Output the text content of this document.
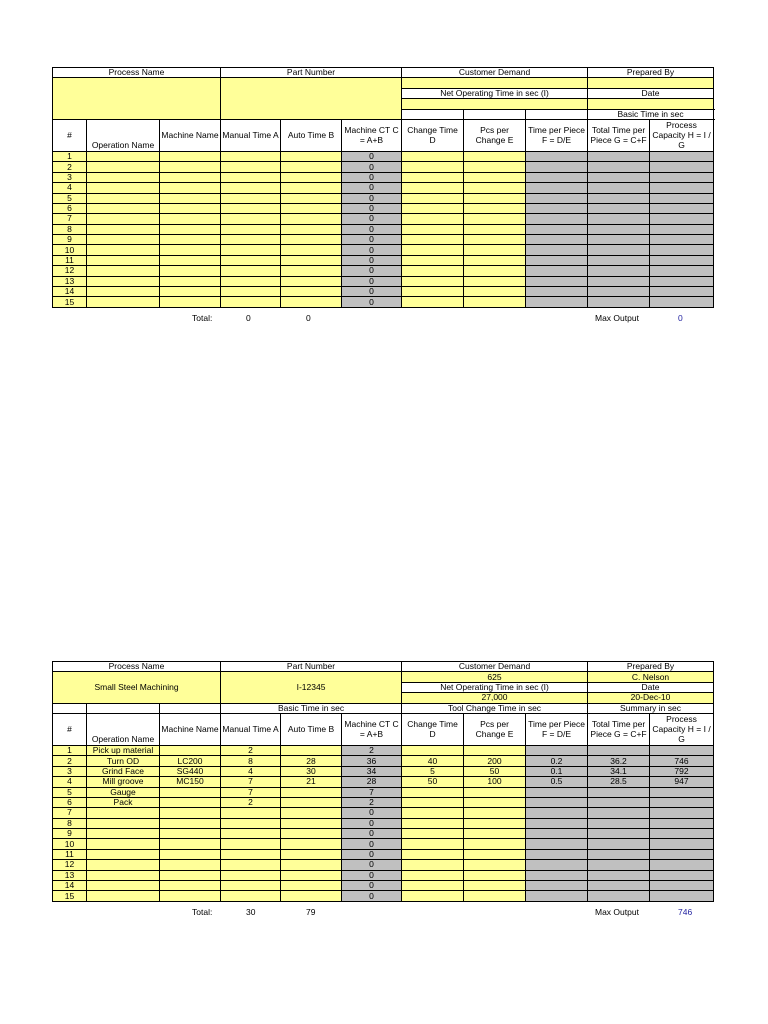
Process Name			Part Number			Customer Demand			Prepared By		

						Net Operating Time in sec (I)			Date		

									Basic Time in sec		
#	Operation Name	Machine Name	Manual Time A	Auto Time B	Machine CT C = A+B	Change Time D	Pcs per Change E	Time per Piece F = D/E	Total Time per Piece G = C+F	Process Capacity H = I / G	
1					0						
2					0						
3					0						
4					0						
5					0						
6					0						
7					0						
8					0						
9					0						
10					0						
11					0						
12					0						
13					0						
14					0						
15					0						
Total:	0	0	Max Output	0
Process Name			Part Number			Customer Demand			Prepared By	
Small Steel Machining			I-12345			625			C. Nelson	
						Net Operating Time in sec (I)			Date	
						27,000			20-Dec-10	
			Basic Time in sec			Tool Change Time in sec			Summary in sec	
#	Operation Name	Machine Name	Manual Time A	Auto Time B	Machine CT C = A+B	Change Time D	Pcs per Change E	Time per Piece F = D/E	Total Time per Piece G = C+F	Process Capacity H = I / G
1	Pick up material		2		2					
2	Turn OD	LC200	8	28	36	40	200	0.2	36.2	746
3	Grind Face	SG440	4	30	34	5	50	0.1	34.1	792
4	Mill groove	MC150	7	21	28	50	100	0.5	28.5	947
5	Gauge		7		7					
6	Pack		2		2					
7					0					
8					0					
9					0					
10					0					
11					0					
12					0					
13					0					
14					0					
15					0					
Total:	30	79	Max Output	746
